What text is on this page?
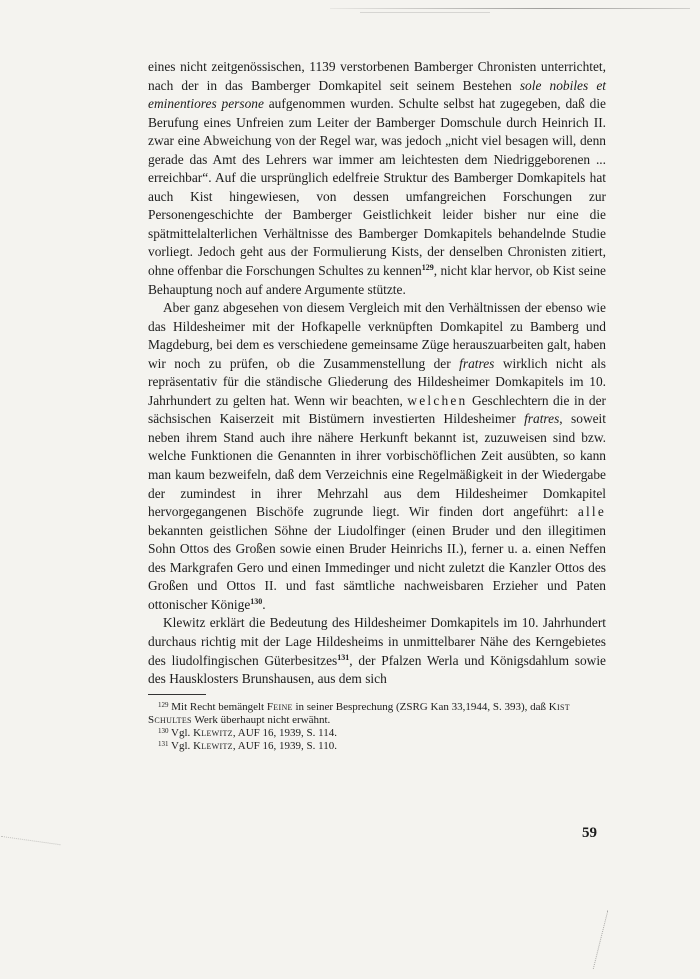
eines nicht zeitgenössischen, 1139 verstorbenen Bamberger Chronisten unterrichtet, nach der in das Bamberger Domkapitel seit seinem Bestehen sole nobiles et eminentiores persone aufgenommen wurden. Schulte selbst hat zugegeben, daß die Berufung eines Unfreien zum Leiter der Bamberger Domschule durch Heinrich II. zwar eine Abweichung von der Regel war, was jedoch „nicht viel besagen will, denn gerade das Amt des Lehrers war immer am leichtesten dem Niedriggeborenen ... erreichbar“. Auf die ursprünglich edelfreie Struktur des Bamberger Domkapitels hat auch Kist hingewiesen, von dessen umfangreichen Forschungen zur Personengeschichte der Bamberger Geistlichkeit leider bisher nur eine die spätmittelalterlichen Verhältnisse des Bamberger Domkapitels behandelnde Studie vorliegt. Jedoch geht aus der Formulierung Kists, der denselben Chronisten zitiert, ohne offenbar die Forschungen Schultes zu kennen$^{129}$, nicht klar hervor, ob Kist seine Behauptung noch auf andere Argumente stützte.

Aber ganz abgesehen von diesem Vergleich mit den Verhältnissen der ebenso wie das Hildesheimer mit der Hofkapelle verknüpften Domkapitel zu Bamberg und Magdeburg, bei dem es verschiedene gemeinsame Züge herauszuarbeiten galt, haben wir noch zu prüfen, ob die Zusammenstellung der fratres wirklich nicht als repräsentativ für die ständische Gliederung des Hildesheimer Domkapitels im 10. Jahrhundert zu gelten hat. Wenn wir beachten, welchen Geschlechtern die in der sächsischen Kaiserzeit mit Bistümern investierten Hildesheimer fratres, soweit neben ihrem Stand auch ihre nähere Herkunft bekannt ist, zuzuweisen sind bzw. welche Funktionen die Genannten in ihrer vorbischöflichen Zeit ausübten, so kann man kaum bezweifeln, daß dem Verzeichnis eine Regelmäßigkeit in der Wiedergabe der zumindest in ihrer Mehrzahl aus dem Hildesheimer Domkapitel hervorgegangenen Bischöfe zugrunde liegt. Wir finden dort angeführt: alle bekannten geistlichen Söhne der Liudolfinger (einen Bruder und den illegitimen Sohn Ottos des Großen sowie einen Bruder Heinrichs II.), ferner u. a. einen Neffen des Markgrafen Gero und einen Immedinger und nicht zuletzt die Kanzler Ottos des Großen und Ottos II. und fast sämtliche nachweisbaren Erzieher und Paten ottonischer Könige$^{130}$.

Klewitz erklärt die Bedeutung des Hildesheimer Domkapitels im 10. Jahrhundert durchaus richtig mit der Lage Hildesheims in unmittelbarer Nähe des Kerngebietes des liudolfingischen Güterbesitzes$^{131}$, der Pfalzen Werla und Königsdahlum sowie des Hausklosters Brunshausen, aus dem sich

$^{129}$ Mit Recht bemängelt Feine in seiner Besprechung (ZSRG Kan 33,1944, S. 393), daß Kist Schultes Werk überhaupt nicht erwähnt.

$^{130}$ Vgl. Klewitz, AUF 16, 1939, S. 114.

$^{131}$ Vgl. Klewitz, AUF 16, 1939, S. 110.

59
